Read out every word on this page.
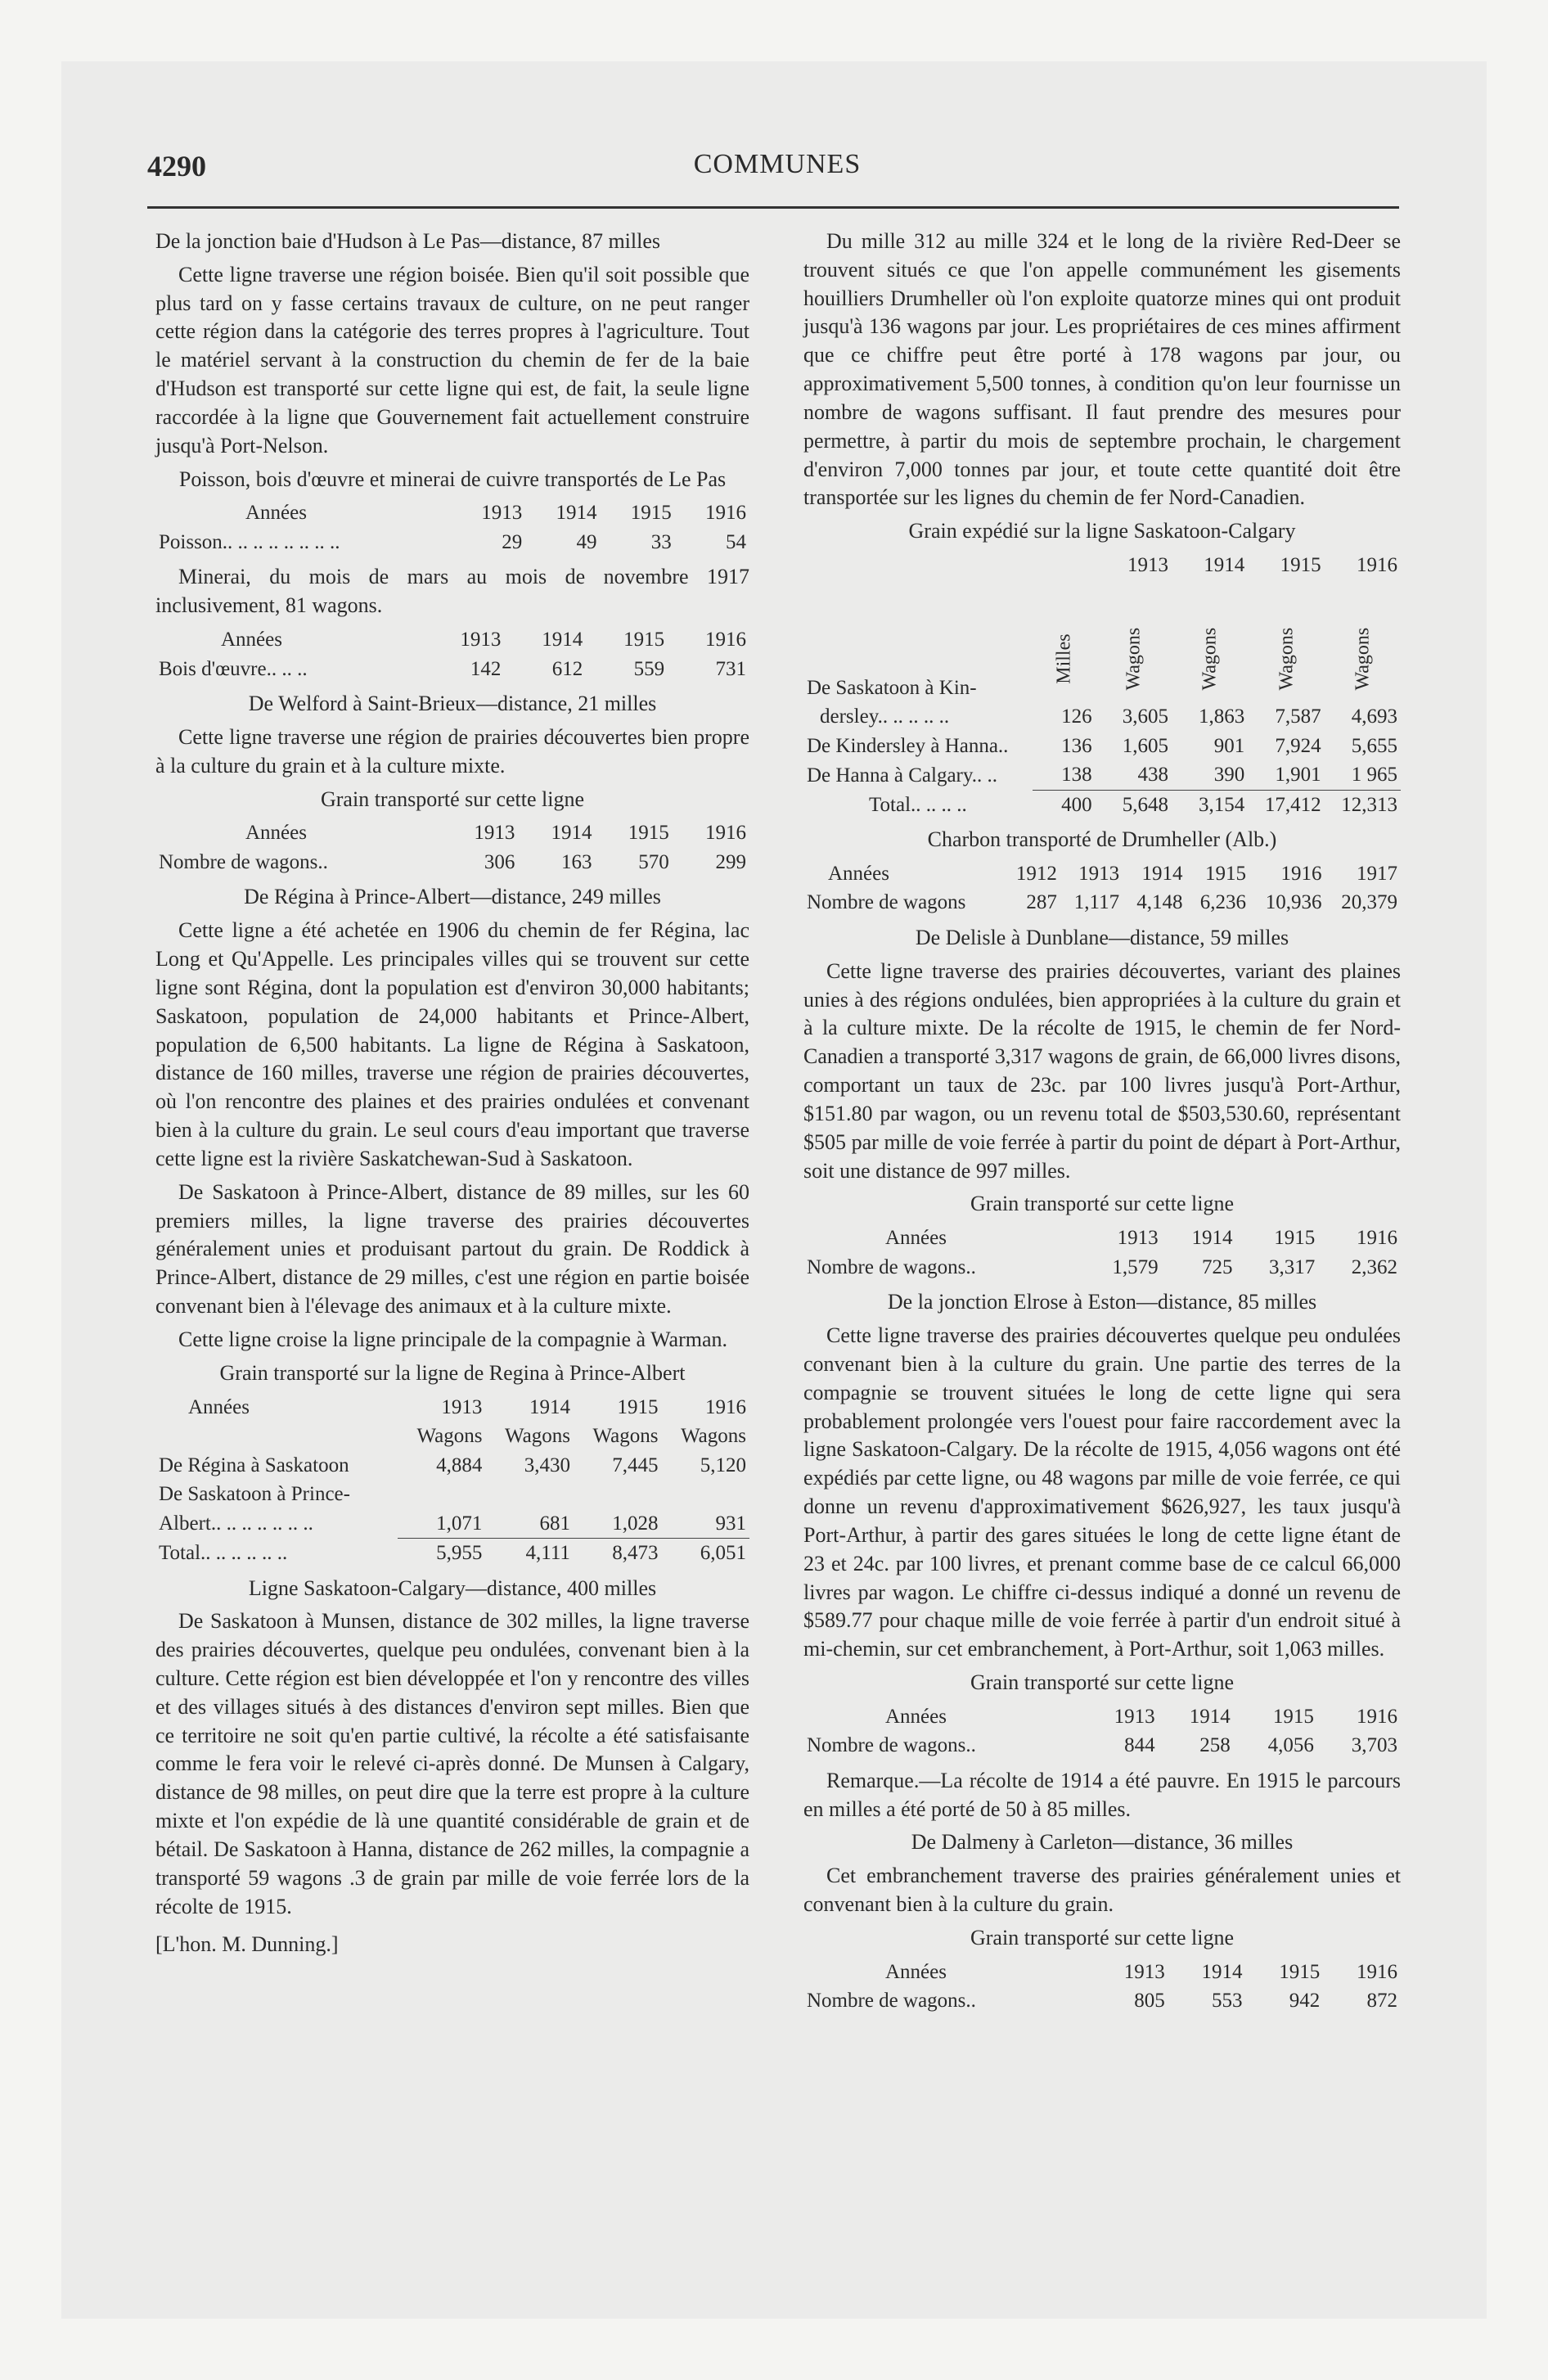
COMMUNES
4290

De la jonction baie d'Hudson à Le Pas—distance, 87 milles

Cette ligne traverse une région boisée. Bien qu'il soit possible que plus tard on y fasse certains travaux de culture, on ne peut ranger cette région dans la catégorie des terres propres à l'agriculture. Tout le matériel servant à la construction du chemin de fer de la baie d'Hudson est transporté sur cette ligne qui est, de fait, la seule ligne raccordée à la ligne que Gouvernement fait actuellement construire jusqu'à Port-Nelson.

Poisson, bois d'œuvre et minerai de cuivre transportés de Le Pas

Années	1913	1914	1915	1916
Poisson.. .. .. .. .. .. .. ..	29	49	33	54

Minerai, du mois de mars au mois de novembre 1917 inclusivement, 81 wagons.

Années	1913	1914	1915	1916
Bois d'œuvre.. .. ..	142	612	559	731

De Welford à Saint-Brieux—distance, 21 milles

Cette ligne traverse une région de prairies découvertes bien propre à la culture du grain et à la culture mixte.

Grain transporté sur cette ligne

Années	1913	1914	1915	1916
Nombre de wagons..	306	163	570	299

De Régina à Prince-Albert—distance, 249 milles

Cette ligne a été achetée en 1906 du chemin de fer Régina, lac Long et Qu'Appelle. Les principales villes qui se trouvent sur cette ligne sont Régina, dont la population est d'environ 30,000 habitants; Saskatoon, population de 24,000 habitants et Prince-Albert, population de 6,500 habitants. La ligne de Régina à Saskatoon, distance de 160 milles, traverse une région de prairies découvertes, où l'on rencontre des plaines et des prairies ondulées et convenant bien à la culture du grain. Le seul cours d'eau important que traverse cette ligne est la rivière Saskatchewan-Sud à Saskatoon.

De Saskatoon à Prince-Albert, distance de 89 milles, sur les 60 premiers milles, la ligne traverse des prairies découvertes généralement unies et produisant partout du grain. De Roddick à Prince-Albert, distance de 29 milles, c'est une région en partie boisée convenant bien à l'élevage des animaux et à la culture mixte.

Cette ligne croise la ligne principale de la compagnie à Warman.

Grain transporté sur la ligne de Regina à Prince-Albert

Années	1913	1914	1915	1916
	Wagons	Wagons	Wagons	Wagons
De Régina à Saskatoon	4,884	3,430	7,445	5,120
De Saskatoon à Prince-				
Albert.. .. .. .. .. .. ..	1,071	681	1,028	931
Total.. .. .. .. .. ..	5,955	4,111	8,473	6,051

Ligne Saskatoon-Calgary—distance, 400 milles

De Saskatoon à Munsen, distance de 302 milles, la ligne traverse des prairies découvertes, quelque peu ondulées, convenant bien à la culture. Cette région est bien développée et l'on y rencontre des villes et des villages situés à des distances d'environ sept milles. Bien que ce territoire ne soit qu'en partie cultivé, la récolte a été satisfaisante comme le fera voir le relevé ci-après donné. De Munsen à Calgary, distance de 98 milles, on peut dire que la terre est propre à la culture mixte et l'on expédie de là une quantité considérable de grain et de bétail. De Saskatoon à Hanna, distance de 262 milles, la compagnie a transporté 59 wagons .3 de grain par mille de voie ferrée lors de la récolte de 1915.

[L'hon. M. Dunning.]

Du mille 312 au mille 324 et le long de la rivière Red-Deer se trouvent situés ce que l'on appelle communément les gisements houilliers Drumheller où l'on exploite quatorze mines qui ont produit jusqu'à 136 wagons par jour. Les propriétaires de ces mines affirment que ce chiffre peut être porté à 178 wagons par jour, ou approximativement 5,500 tonnes, à condition qu'on leur fournisse un nombre de wagons suffisant. Il faut prendre des mesures pour permettre, à partir du mois de septembre prochain, le chargement d'environ 7,000 tonnes par jour, et toute cette quantité doit être transportée sur les lignes du chemin de fer Nord-Canadien.

Grain expédié sur la ligne Saskatoon-Calgary

		1913	1914	1915	1916
	Milles	Wagons	Wagons	Wagons	Wagons
De Saskatoon à Kin-					
dersley.. .. .. .. ..	126	3,605	1,863	7,587	4,693
De Kindersley à Hanna..	136	1,605	901	7,924	5,655
De Hanna à Calgary.. ..	138	438	390	1,901	1 965
Total.. .. .. ..	400	5,648	3,154	17,412	12,313

Charbon transporté de Drumheller (Alb.)

Années	1912	1913	1914	1915	1916	1917
Nombre de wagons	287	1,117	4,148	6,236	10,936	20,379

De Delisle à Dunblane—distance, 59 milles

Cette ligne traverse des prairies découvertes, variant des plaines unies à des régions ondulées, bien appropriées à la culture du grain et à la culture mixte. De la récolte de 1915, le chemin de fer Nord-Canadien a transporté 3,317 wagons de grain, de 66,000 livres disons, comportant un taux de 23c. par 100 livres jusqu'à Port-Arthur, $151.80 par wagon, ou un revenu total de $503,530.60, représentant $505 par mille de voie ferrée à partir du point de départ à Port-Arthur, soit une distance de 997 milles.

Grain transporté sur cette ligne

Années	1913	1914	1915	1916
Nombre de wagons..	1,579	725	3,317	2,362

De la jonction Elrose à Eston—distance, 85 milles

Cette ligne traverse des prairies découvertes quelque peu ondulées convenant bien à la culture du grain. Une partie des terres de la compagnie se trouvent situées le long de cette ligne qui sera probablement prolongée vers l'ouest pour faire raccordement avec la ligne Saskatoon-Calgary. De la récolte de 1915, 4,056 wagons ont été expédiés par cette ligne, ou 48 wagons par mille de voie ferrée, ce qui donne un revenu d'approximativement $626,927, les taux jusqu'à Port-Arthur, à partir des gares situées le long de cette ligne étant de 23 et 24c. par 100 livres, et prenant comme base de ce calcul 66,000 livres par wagon. Le chiffre ci-dessus indiqué a donné un revenu de $589.77 pour chaque mille de voie ferrée à partir d'un endroit situé à mi-chemin, sur cet embranchement, à Port-Arthur, soit 1,063 milles.

Grain transporté sur cette ligne

Années	1913	1914	1915	1916
Nombre de wagons..	844	258	4,056	3,703

Remarque.—La récolte de 1914 a été pauvre. En 1915 le parcours en milles a été porté de 50 à 85 milles.

De Dalmeny à Carleton—distance, 36 milles

Cet embranchement traverse des prairies généralement unies et convenant bien à la culture du grain.

Grain transporté sur cette ligne

Années	1913	1914	1915	1916
Nombre de wagons..	805	553	942	872
